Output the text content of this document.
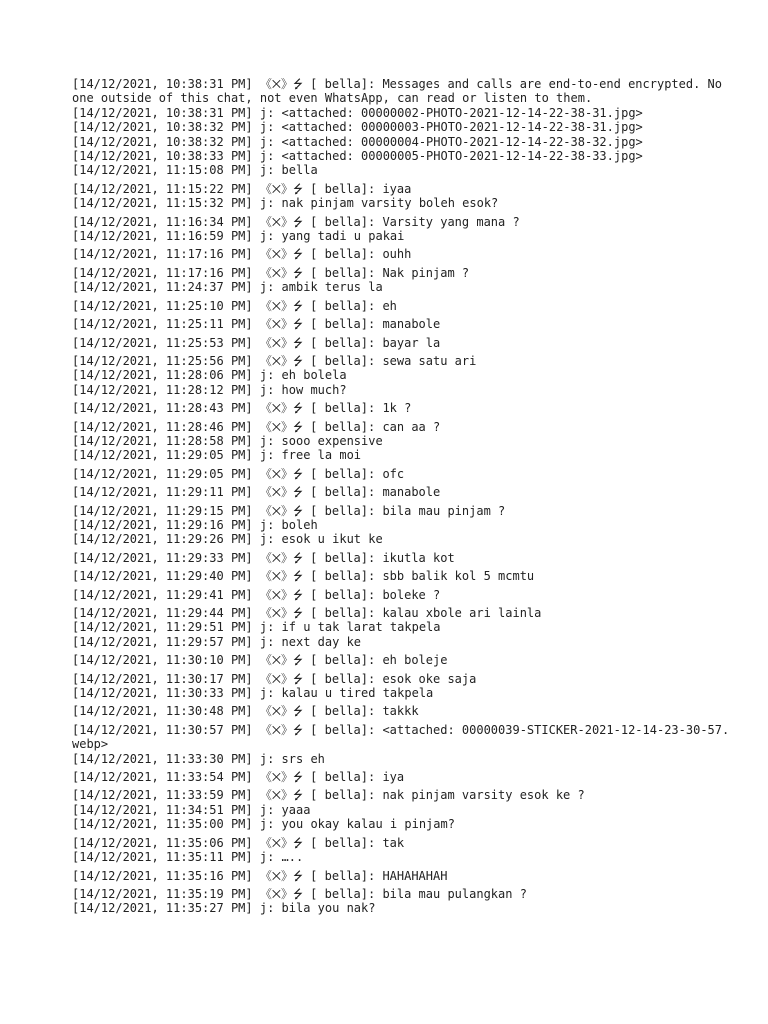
[14/12/2021, 10:38:31 PM] 《྾》⭍ [ bella]: Messages and calls are end-to-end encrypted. No one outside of this chat, not even WhatsApp, can read or listen to them.
[14/12/2021, 10:38:31 PM] j: <attached: 00000002-PHOTO-2021-12-14-22-38-31.jpg>
[14/12/2021, 10:38:32 PM] j: <attached: 00000003-PHOTO-2021-12-14-22-38-31.jpg>
[14/12/2021, 10:38:32 PM] j: <attached: 00000004-PHOTO-2021-12-14-22-38-32.jpg>
[14/12/2021, 10:38:33 PM] j: <attached: 00000005-PHOTO-2021-12-14-22-38-33.jpg>
[14/12/2021, 11:15:08 PM] j: bella
[14/12/2021, 11:15:22 PM] 《྾》⭍ [ bella]: iyaa
[14/12/2021, 11:15:32 PM] j: nak pinjam varsity boleh esok?
[14/12/2021, 11:16:34 PM] 《྾》⭍ [ bella]: Varsity yang mana ?
[14/12/2021, 11:16:59 PM] j: yang tadi u pakai
[14/12/2021, 11:17:16 PM] 《྾》⭍ [ bella]: ouhh
[14/12/2021, 11:17:16 PM] 《྾》⭍ [ bella]: Nak pinjam ?
[14/12/2021, 11:24:37 PM] j: ambik terus la
[14/12/2021, 11:25:10 PM] 《྾》⭍ [ bella]: eh
[14/12/2021, 11:25:11 PM] 《྾》⭍ [ bella]: manabole
[14/12/2021, 11:25:53 PM] 《྾》⭍ [ bella]: bayar la
[14/12/2021, 11:25:56 PM] 《྾》⭍ [ bella]: sewa satu ari
[14/12/2021, 11:28:06 PM] j: eh bolela
[14/12/2021, 11:28:12 PM] j: how much?
[14/12/2021, 11:28:43 PM] 《྾》⭍ [ bella]: 1k ?
[14/12/2021, 11:28:46 PM] 《྾》⭍ [ bella]: can aa ?
[14/12/2021, 11:28:58 PM] j: sooo expensive
[14/12/2021, 11:29:05 PM] j: free la moi
[14/12/2021, 11:29:05 PM] 《྾》⭍ [ bella]: ofc
[14/12/2021, 11:29:11 PM] 《྾》⭍ [ bella]: manabole
[14/12/2021, 11:29:15 PM] 《྾》⭍ [ bella]: bila mau pinjam ?
[14/12/2021, 11:29:16 PM] j: boleh
[14/12/2021, 11:29:26 PM] j: esok u ikut ke
[14/12/2021, 11:29:33 PM] 《྾》⭍ [ bella]: ikutla kot
[14/12/2021, 11:29:40 PM] 《྾》⭍ [ bella]: sbb balik kol 5 mcmtu
[14/12/2021, 11:29:41 PM] 《྾》⭍ [ bella]: boleke ?
[14/12/2021, 11:29:44 PM] 《྾》⭍ [ bella]: kalau xbole ari lainla
[14/12/2021, 11:29:51 PM] j: if u tak larat takpela
[14/12/2021, 11:29:57 PM] j: next day ke
[14/12/2021, 11:30:10 PM] 《྾》⭍ [ bella]: eh boleje
[14/12/2021, 11:30:17 PM] 《྾》⭍ [ bella]: esok oke saja
[14/12/2021, 11:30:33 PM] j: kalau u tired takpela
[14/12/2021, 11:30:48 PM] 《྾》⭍ [ bella]: takkk
[14/12/2021, 11:30:57 PM] 《྾》⭍ [ bella]: <attached: 00000039-STICKER-2021-12-14-23-30-57.webp>
[14/12/2021, 11:33:30 PM] j: srs eh
[14/12/2021, 11:33:54 PM] 《྾》⭍ [ bella]: iya
[14/12/2021, 11:33:59 PM] 《྾》⭍ [ bella]: nak pinjam varsity esok ke ?
[14/12/2021, 11:34:51 PM] j: yaaa
[14/12/2021, 11:35:00 PM] j: you okay kalau i pinjam?
[14/12/2021, 11:35:06 PM] 《྾》⭍ [ bella]: tak
[14/12/2021, 11:35:11 PM] j: …..
[14/12/2021, 11:35:16 PM] 《྾》⭍ [ bella]: HAHAHAHAH
[14/12/2021, 11:35:19 PM] 《྾》⭍ [ bella]: bila mau pulangkan ?
[14/12/2021, 11:35:27 PM] j: bila you nak?
